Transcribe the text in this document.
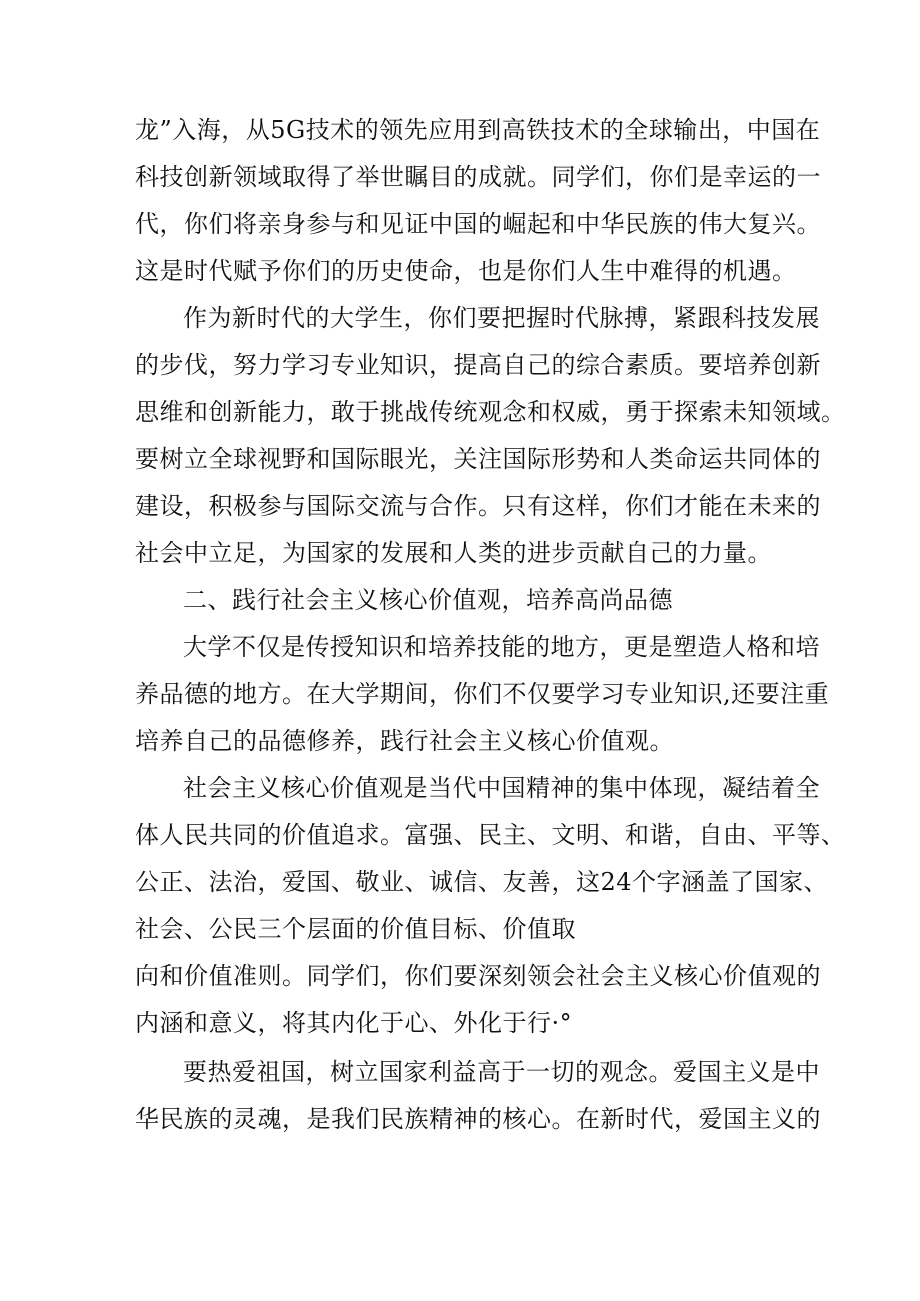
龙”入海，从5G技术的领先应用到高铁技术的全球输出，中国在
科技创新领域取得了举世瞩目的成就。同学们，你们是幸运的一
代，你们将亲身参与和见证中国的崛起和中华民族的伟大复兴。
这是时代赋予你们的历史使命，也是你们人生中难得的机遇。
作为新时代的大学生，你们要把握时代脉搏，紧跟科技发展
的步伐，努力学习专业知识，提高自己的综合素质。要培养创新
思维和创新能力，敢于挑战传统观念和权威，勇于探索未知领域。
要树立全球视野和国际眼光，关注国际形势和人类命运共同体的
建设，积极参与国际交流与合作。只有这样，你们才能在未来的
社会中立足，为国家的发展和人类的进步贡献自己的力量。
二、践行社会主义核心价值观，培养高尚品德
大学不仅是传授知识和培养技能的地方，更是塑造人格和培
养品德的地方。在大学期间，你们不仅要学习专业知识,还要注重
培养自己的品德修养，践行社会主义核心价值观。
社会主义核心价值观是当代中国精神的集中体现，凝结着全
体人民共同的价值追求。富强、民主、文明、和谐，自由、平等、
公正、法治，爱国、敬业、诚信、友善，这24个字涵盖了国家、
社会、公民三个层面的价值目标、价值取
向和价值准则。同学们，你们要深刻领会社会主义核心价值观的
内涵和意义，将其内化于心、外化于行·°
要热爱祖国，树立国家利益高于一切的观念。爱国主义是中
华民族的灵魂，是我们民族精神的核心。在新时代，爱国主义的
